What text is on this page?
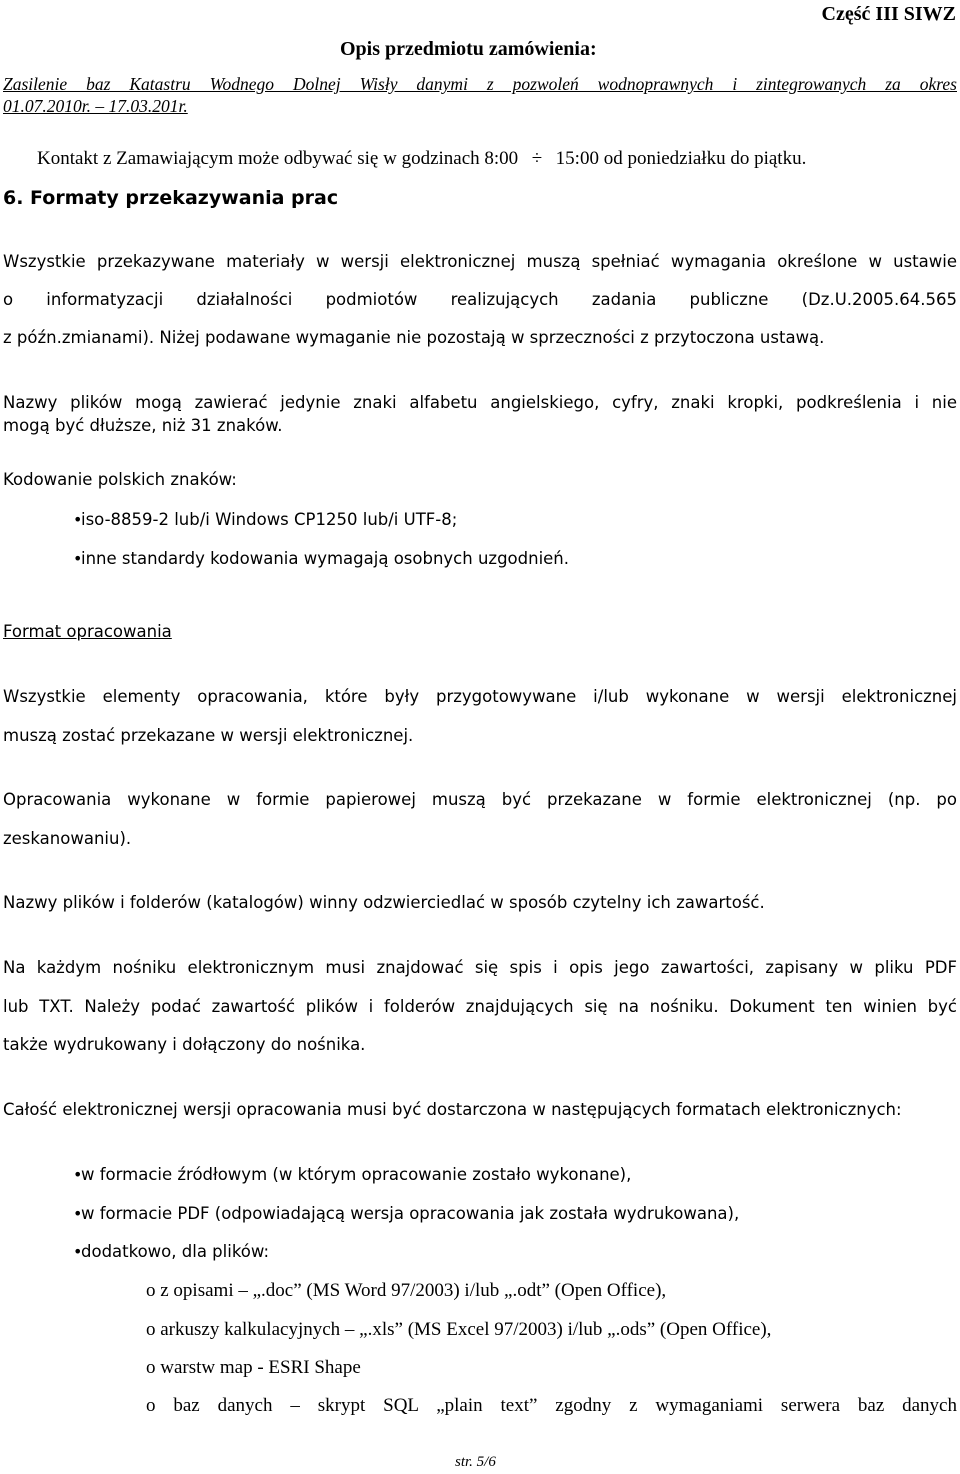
Część III SIWZ
Opis przedmiotu zamówienia:
Zasilenie baz Katastru Wodnego Dolnej Wisły danymi z pozwoleń wodnoprawnych i zintegrowanych za okres
01.07.2010r. – 17.03.201r.
Kontakt z Zamawiającym może odbywać się w godzinach 8:00 ÷ 15:00 od poniedziałku do piątku.
6. Formaty przekazywania prac
Wszystkie przekazywane materiały w wersji elektronicznej muszą spełniać wymagania określone w ustawie
o informatyzacji działalności podmiotów realizujących zadania publiczne (Dz.U.2005.64.565
z późn.zmianami). Niżej podawane wymaganie nie pozostają w sprzeczności z przytoczona ustawą.
Nazwy plików mogą zawierać jedynie znaki alfabetu angielskiego, cyfry, znaki kropki, podkreślenia i nie
mogą być dłuższe, niż 31 znaków.
Kodowanie polskich znaków:
• iso-8859-2 lub/i Windows CP1250 lub/i UTF-8;
• inne standardy kodowania wymagają osobnych uzgodnień.
Format opracowania
Wszystkie elementy opracowania, które były przygotowywane i/lub wykonane w wersji elektronicznej
muszą zostać przekazane w wersji elektronicznej.
Opracowania wykonane w formie papierowej muszą być przekazane w formie elektronicznej (np. po
zeskanowaniu).
Nazwy plików i folderów (katalogów) winny odzwierciedlać w sposób czytelny ich zawartość.
Na każdym nośniku elektronicznym musi znajdować się spis i opis jego zawartości, zapisany w pliku PDF
lub TXT. Należy podać zawartość plików i folderów znajdujących się na nośniku. Dokument ten winien być
także wydrukowany i dołączony do nośnika.
Całość elektronicznej wersji opracowania musi być dostarczona w następujących formatach elektronicznych:
• w formacie źródłowym (w którym opracowanie zostało wykonane),
• w formacie PDF (odpowiadającą wersja opracowania jak została wydrukowana),
• dodatkowo, dla plików:
o z opisami – „.doc” (MS Word 97/2003) i/lub „.odt” (Open Office),
o arkuszy kalkulacyjnych – „.xls” (MS Excel 97/2003) i/lub „.ods” (Open Office),
o warstw map - ESRI Shape
o baz danych – skrypt SQL „plain text” zgodny z wymaganiami serwera baz danych
str. 5/6
